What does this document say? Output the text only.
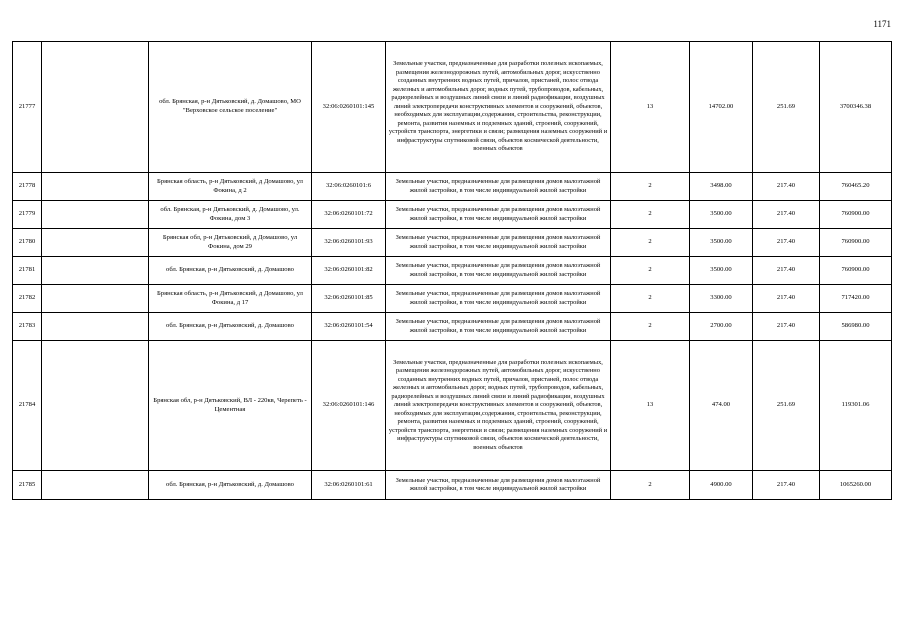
1171
21777		обл. Брянская, р-н Дятьковский, д. Домашово, МО "Верховское сельское поселение"	32:06:0260101:145	Земельные участки, предназначенные для разработки полезных ископаемых, размещения железнодорожных путей, автомобильных дорог, искусственно созданных внутренних водных путей, причалов, пристаней, полос отвода железных и автомобильных дорог, водных путей, трубопроводов, кабельных, радиорелейных и воздушных линий связи и линий радиофикации, воздушных линий электропередачи конструктивных элементов и сооружений, объектов, необходимых для эксплуатации,содержания, строительства, реконструкции, ремонта, развития наземных и подземных зданий, строений, сооружений, устройств транспорта, энергетики и связи; размещения наземных сооружений и инфраструктуры спутниковой связи, объектов космической деятельности, военных объектов	13	14702.00	251.69	3700346.38
21778		Брянская область, р-н Дятьковский, д Домашово, ул Фокина, д 2	32:06:0260101:6	Земельные участки, предназначенные для размещения домов малоэтажной жилой застройки, в том числе индивидуальной жилой застройки	2	3498.00	217.40	760465.20
21779		обл. Брянская, р-н Дятьковский, д. Домашово, ул. Фокина, дом 3	32:06:0260101:72	Земельные участки, предназначенные для размещения домов малоэтажной жилой застройки, в том числе индивидуальной жилой застройки	2	3500.00	217.40	760900.00
21780		Брянская обл, р-н Дятьковский, д Домашово, ул Фокина, дом 29	32:06:0260101:93	Земельные участки, предназначенные для размещения домов малоэтажной жилой застройки, в том числе индивидуальной жилой застройки	2	3500.00	217.40	760900.00
21781		обл. Брянская, р-н Дятьковский, д. Домашово	32:06:0260101:82	Земельные участки, предназначенные для размещения домов малоэтажной жилой застройки, в том числе индивидуальной жилой застройки	2	3500.00	217.40	760900.00
21782		Брянская область, р-н Дятьковский, д Домашово, ул Фокина, д 17	32:06:0260101:85	Земельные участки, предназначенные для размещения домов малоэтажной жилой застройки, в том числе индивидуальной жилой застройки	2	3300.00	217.40	717420.00
21783		обл. Брянская, р-н Дятьковский, д. Домашово	32:06:0260101:54	Земельные участки, предназначенные для размещения домов малоэтажной жилой застройки, в том числе индивидуальной жилой застройки	2	2700.00	217.40	586980.00
21784		Брянская обл, р-н Дятьковский, ВЛ - 220кв, Черепеть - Цементная	32:06:0260101:146	Земельные участки, предназначенные для разработки полезных ископаемых, размещения железнодорожных путей, автомобильных дорог, искусственно созданных внутренних водных путей, причалов, пристаней, полос отвода железных и автомобильных дорог, водных путей, трубопроводов, кабельных, радиорелейных и воздушных линий связи и линий радиофикации, воздушных линий электропередачи конструктивных элементов и сооружений, объектов, необходимых для эксплуатации,содержания, строительства, реконструкции, ремонта, развития наземных и подземных зданий, строений, сооружений, устройств транспорта, энергетики и связи; размещения наземных сооружений и инфраструктуры спутниковой связи, объектов космической деятельности, военных объектов	13	474.00	251.69	119301.06
21785		обл. Брянская, р-н Дятьковский, д. Домашово	32:06:0260101:61	Земельные участки, предназначенные для размещения домов малоэтажной жилой застройки, в том числе индивидуальной жилой застройки	2	4900.00	217.40	1065260.00
